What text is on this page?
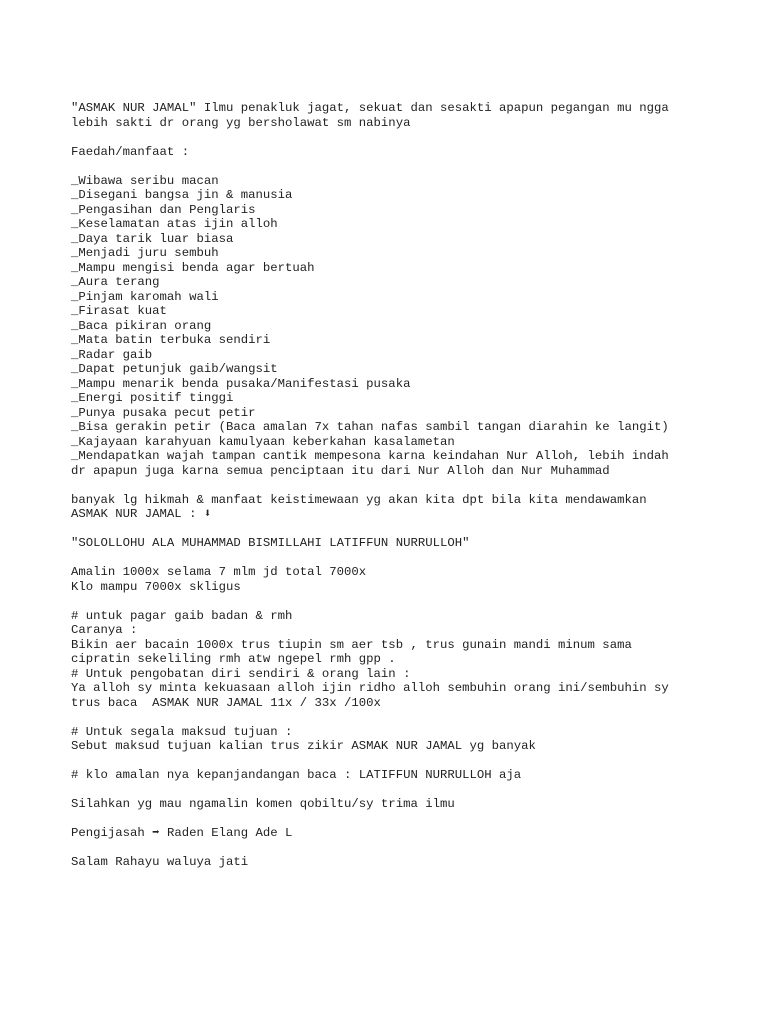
"ASMAK NUR JAMAL" Ilmu penakluk jagat, sekuat dan sesakti apapun pegangan mu ngga
lebih sakti dr orang yg bersholawat sm nabinya
Faedah/manfaat :
_Wibawa seribu macan
_Disegani bangsa jin & manusia
_Pengasihan dan Penglaris
_Keselamatan atas ijin alloh
_Daya tarik luar biasa
_Menjadi juru sembuh
_Mampu mengisi benda agar bertuah
_Aura terang
_Pinjam karomah wali
_Firasat kuat
_Baca pikiran orang
_Mata batin terbuka sendiri
_Radar gaib
_Dapat petunjuk gaib/wangsit
_Mampu menarik benda pusaka/Manifestasi pusaka
_Energi positif tinggi
_Punya pusaka pecut petir
_Bisa gerakin petir (Baca amalan 7x tahan nafas sambil tangan diarahin ke langit)
_Kajayaan karahyuan kamulyaan keberkahan kasalametan
_Mendapatkan wajah tampan cantik mempesona karna keindahan Nur Alloh, lebih indah
dr apapun juga karna semua penciptaan itu dari Nur Alloh dan Nur Muhammad
banyak lg hikmah & manfaat keistimewaan yg akan kita dpt bila kita mendawamkan
ASMAK NUR JAMAL : ⬇
"SOLOLLOHU ALA MUHAMMAD BISMILLAHI LATIFFUN NURRULLOH"
Amalin 1000x selama 7 mlm jd total 7000x
Klo mampu 7000x skligus
# untuk pagar gaib badan & rmh
Caranya :
Bikin aer bacain 1000x trus tiupin sm aer tsb , trus gunain mandi minum sama
cipratin sekeliling rmh atw ngepel rmh gpp .
# Untuk pengobatan diri sendiri & orang lain :
Ya alloh sy minta kekuasaan alloh ijin ridho alloh sembuhin orang ini/sembuhin sy
trus baca  ASMAK NUR JAMAL 11x / 33x /100x
# Untuk segala maksud tujuan :
Sebut maksud tujuan kalian trus zikir ASMAK NUR JAMAL yg banyak
# klo amalan nya kepanjandangan baca : LATIFFUN NURRULLOH aja
Silahkan yg mau ngamalin komen qobiltu/sy trima ilmu
Pengijasah ➡ Raden Elang Ade L
Salam Rahayu waluya jati
